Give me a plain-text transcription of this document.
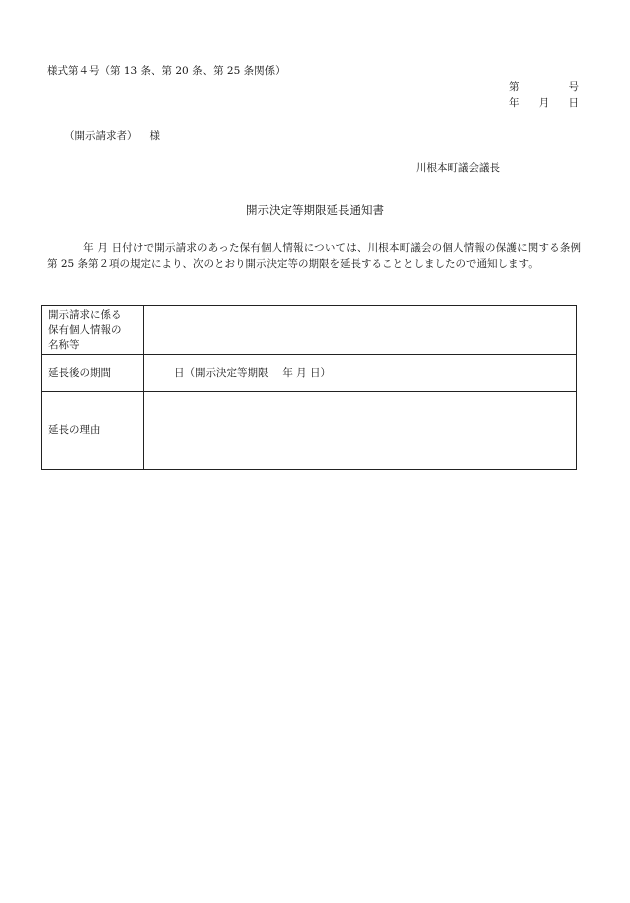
様式第４号（第 13 条、第 20 条、第 25 条関係）
第	号
年 月 日
（開示請求者） 様
川根本町議会議長
開示決定等期限延長通知書
年 月 日付けで開示請求のあった保有個人情報については、川根本町議会の個人情報の保護に関する条例第 25 条第２項の規定により、次のとおり開示決定等の期限を延長することとしましたので通知します。
開示請求に係る
保有個人情報の
名称等	

延長後の期間	日（開示決定等期限　 年 月 日）
延長の理由	
